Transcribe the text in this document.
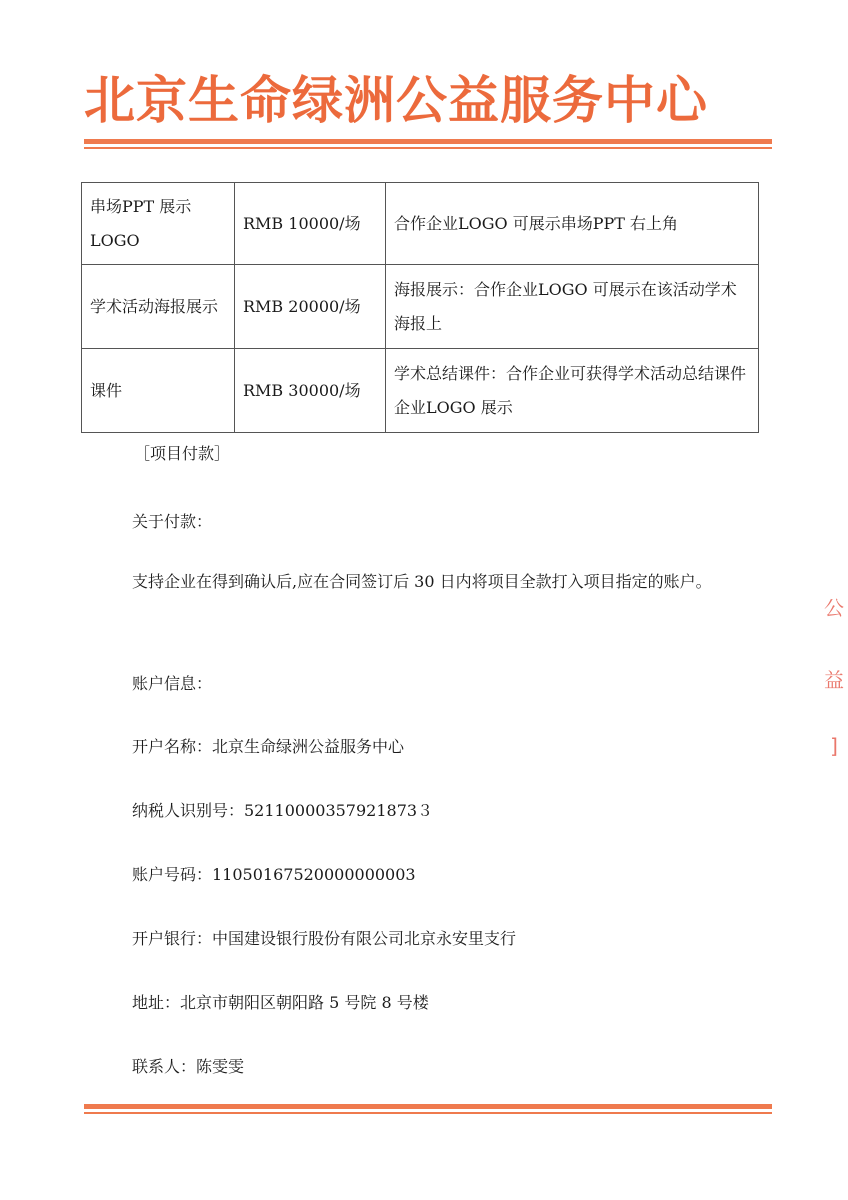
北京生命绿洲公益服务中心
串场PPT 展示LOGO	RMB 10000/场	合作企业LOGO 可展示串场PPT 右上角
学术活动海报展示	RMB 20000/场	海报展示：合作企业LOGO 可展示在该活动学术海报上
课件	RMB 30000/场	学术总结课件：合作企业可获得学术活动总结课件企业LOGO 展示
［项目付款］
关于付款：
支持企业在得到确认后,应在合同签订后 30 日内将项目全款打入项目指定的账户。
账户信息：
开户名称：北京生命绿洲公益服务中心
纳税人识别号：52110000357921873３
账户号码：11050167520000000003
开户银行：中国建设银行股份有限公司北京永安里支行
地址：北京市朝阳区朝阳路 5 号院 8 号楼
联系人：陈雯雯
公
益
]
